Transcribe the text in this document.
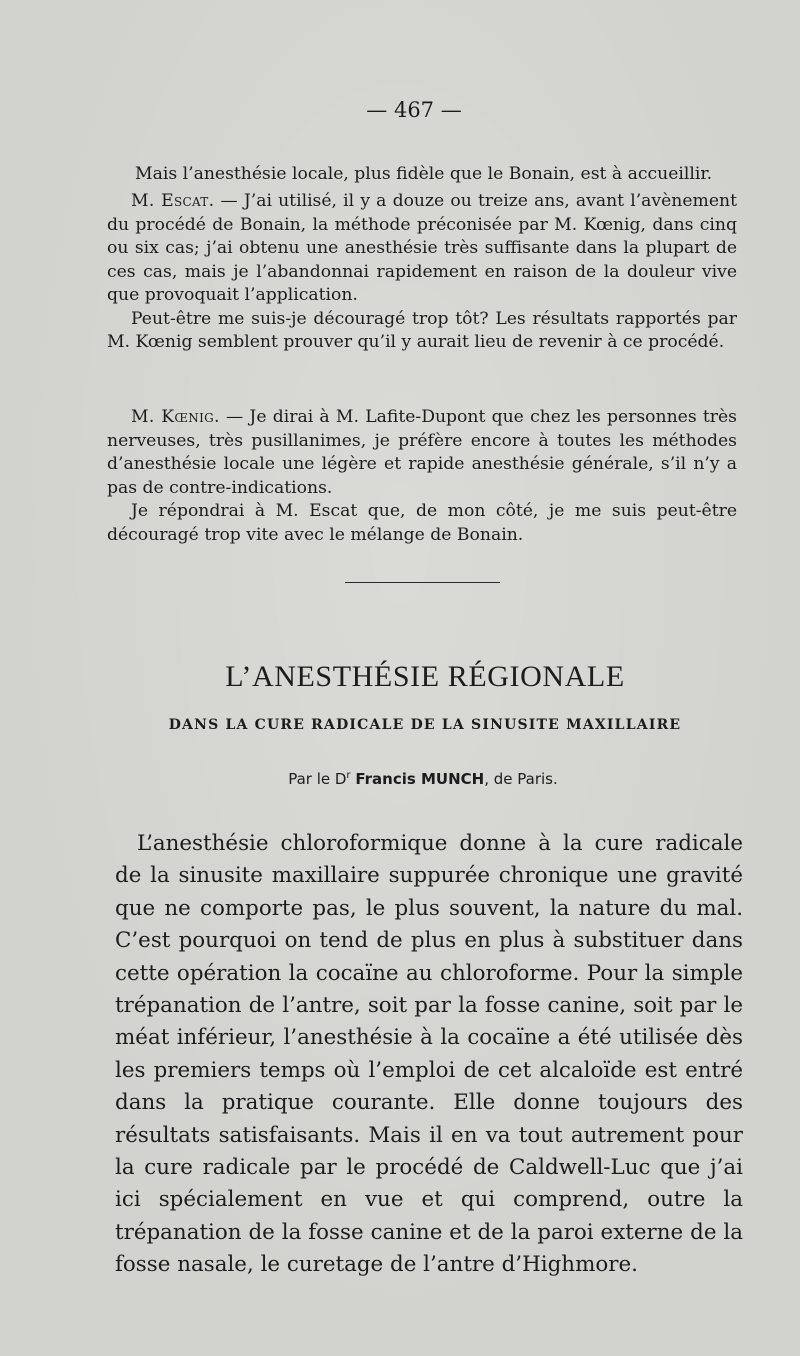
— 467 —

Mais l’anesthésie locale, plus fidèle que le Bonain, est à accueillir.

M. Escat. — J’ai utilisé, il y a douze ou treize ans, avant l’avènement du procédé de Bonain, la méthode préconisée par M. Kœnig, dans cinq ou six cas; j’ai obtenu une anesthésie très suffisante dans la plupart de ces cas, mais je l’abandonnai rapidement en raison de la douleur vive que provoquait l’application.

Peut-être me suis-je découragé trop tôt? Les résultats rapportés par M. Kœnig semblent prouver qu’il y aurait lieu de revenir à ce procédé.

M. Kœnig. — Je dirai à M. Lafite-Dupont que chez les personnes très nerveuses, très pusillanimes, je préfère encore à toutes les méthodes d’anesthésie locale une légère et rapide anesthésie générale, s’il n’y a pas de contre-indications.

Je répondrai à M. Escat que, de mon côté, je me suis peut-être découragé trop vite avec le mélange de Bonain.

L’ANESTHÉSIE RÉGIONALE
DANS LA CURE RADICALE DE LA SINUSITE MAXILLAIRE
Par le $D^r$ Francis MUNCH, de Paris.

L’anesthésie chloroformique donne à la cure radicale de la sinusite maxillaire suppurée chronique une gravité que ne comporte pas, le plus souvent, la nature du mal. C’est pourquoi on tend de plus en plus à substituer dans cette opération la cocaïne au chloroforme. Pour la simple trépanation de l’antre, soit par la fosse canine, soit par le méat inférieur, l’anesthésie à la cocaïne a été utilisée dès les premiers temps où l’emploi de cet alcaloïde est entré dans la pratique courante. Elle donne toujours des résultats satisfaisants. Mais il en va tout autrement pour la cure radicale par le procédé de Caldwell-Luc que j’ai ici spécialement en vue et qui comprend, outre la trépanation de la fosse canine et de la paroi externe de la fosse nasale, le curetage de l’antre d’Highmore.
